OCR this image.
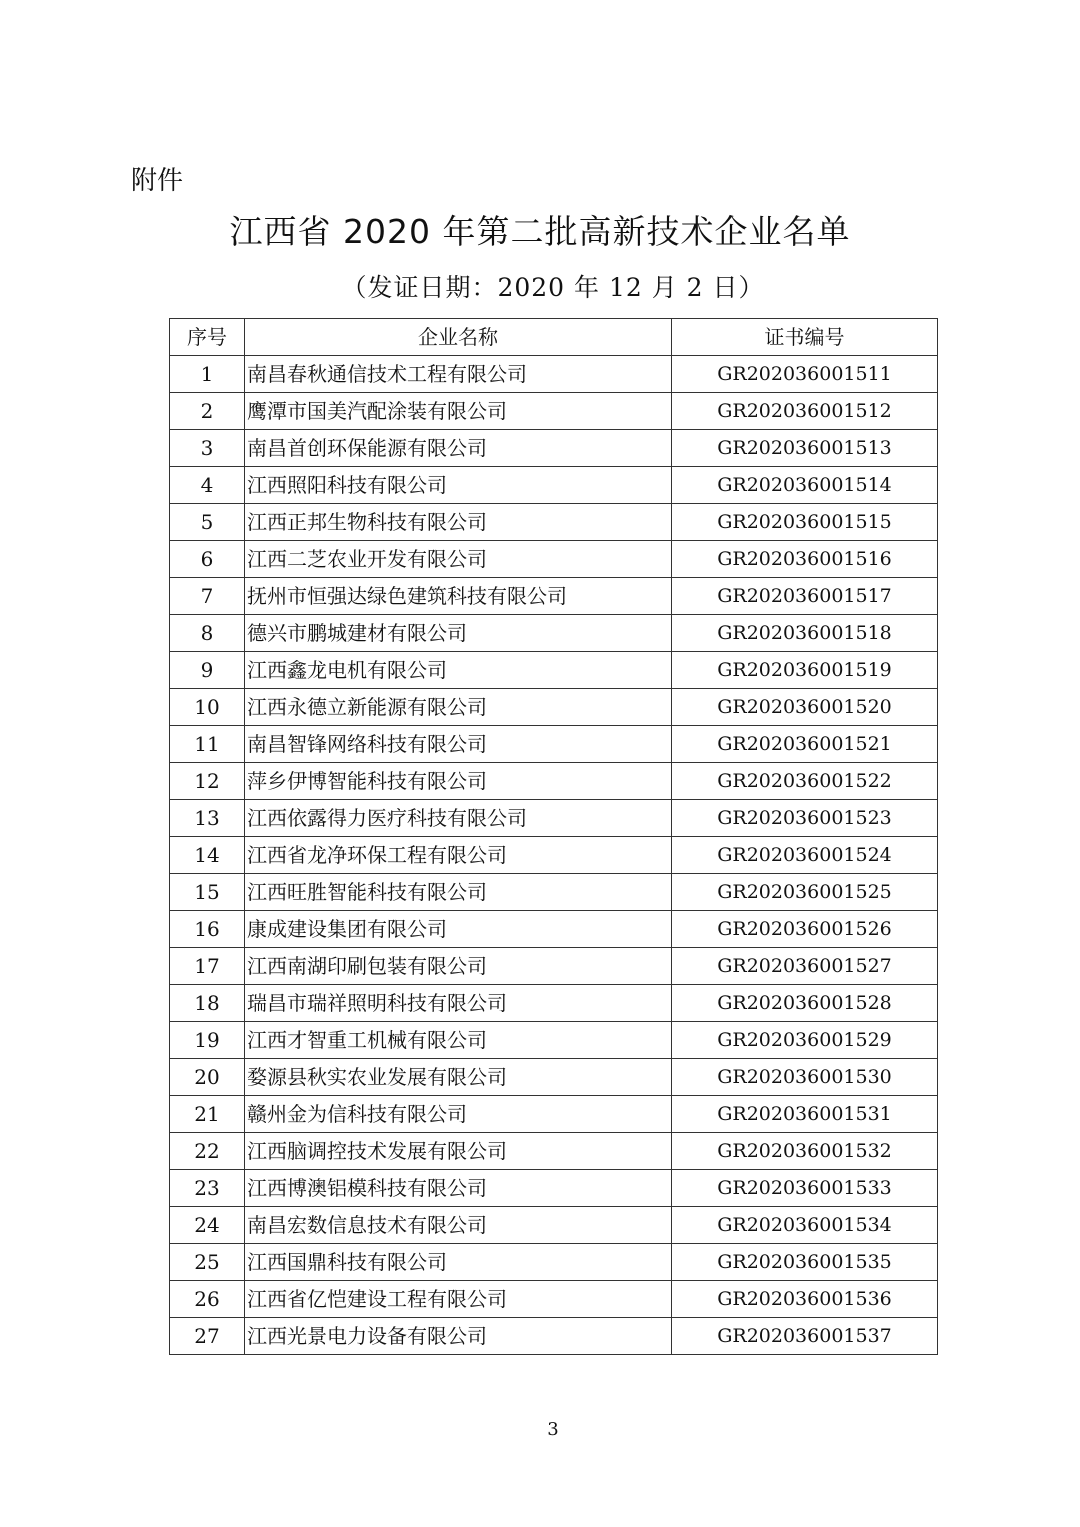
附件
江西省 2020 年第二批高新技术企业名单
（发证日期：2020 年 12 月 2 日）
序号	企业名称	证书编号
1	南昌春秋通信技术工程有限公司	GR202036001511
2	鹰潭市国美汽配涂装有限公司	GR202036001512
3	南昌首创环保能源有限公司	GR202036001513
4	江西照阳科技有限公司	GR202036001514
5	江西正邦生物科技有限公司	GR202036001515
6	江西二芝农业开发有限公司	GR202036001516
7	抚州市恒强达绿色建筑科技有限公司	GR202036001517
8	德兴市鹏城建材有限公司	GR202036001518
9	江西鑫龙电机有限公司	GR202036001519
10	江西永德立新能源有限公司	GR202036001520
11	南昌智锋网络科技有限公司	GR202036001521
12	萍乡伊博智能科技有限公司	GR202036001522
13	江西依露得力医疗科技有限公司	GR202036001523
14	江西省龙净环保工程有限公司	GR202036001524
15	江西旺胜智能科技有限公司	GR202036001525
16	康成建设集团有限公司	GR202036001526
17	江西南湖印刷包装有限公司	GR202036001527
18	瑞昌市瑞祥照明科技有限公司	GR202036001528
19	江西才智重工机械有限公司	GR202036001529
20	婺源县秋实农业发展有限公司	GR202036001530
21	赣州金为信科技有限公司	GR202036001531
22	江西脑调控技术发展有限公司	GR202036001532
23	江西博澳铝模科技有限公司	GR202036001533
24	南昌宏数信息技术有限公司	GR202036001534
25	江西国鼎科技有限公司	GR202036001535
26	江西省亿恺建设工程有限公司	GR202036001536
27	江西光景电力设备有限公司	GR202036001537
3
